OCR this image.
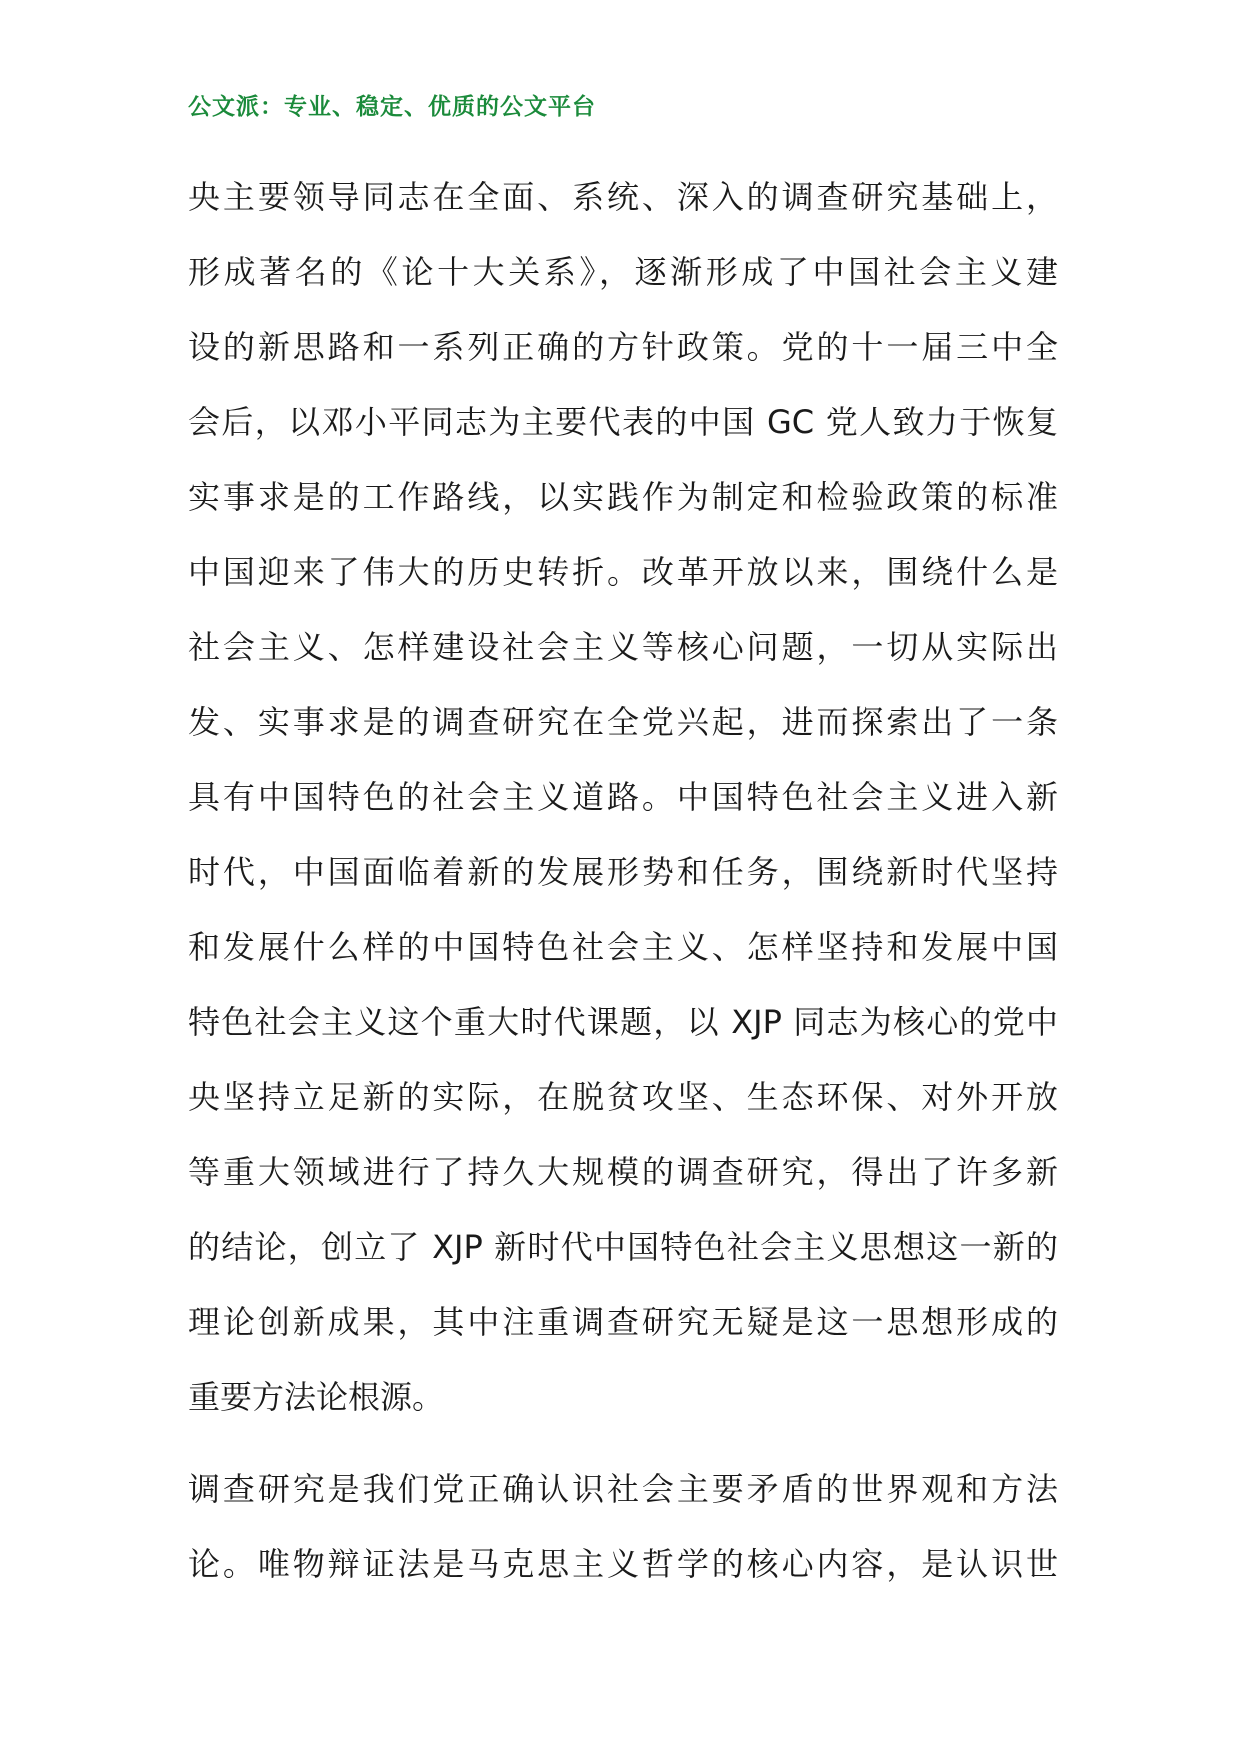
公文派：专业、稳定、优质的公文平台
央主要领导同志在全面、系统、深入的调查研究基础上，
形成著名的《论十大关系》，逐渐形成了中国社会主义建
设的新思路和一系列正确的方针政策。党的十一届三中全
会后，以邓小平同志为主要代表的中国 GC 党人致力于恢复
实事求是的工作路线，以实践作为制定和检验政策的标准
中国迎来了伟大的历史转折。改革开放以来，围绕什么是
社会主义、怎样建设社会主义等核心问题，一切从实际出
发、实事求是的调查研究在全党兴起，进而探索出了一条
具有中国特色的社会主义道路。中国特色社会主义进入新
时代，中国面临着新的发展形势和任务，围绕新时代坚持
和发展什么样的中国特色社会主义、怎样坚持和发展中国
特色社会主义这个重大时代课题，以 XJP 同志为核心的党中
央坚持立足新的实际，在脱贫攻坚、生态环保、对外开放
等重大领域进行了持久大规模的调查研究，得出了许多新
的结论，创立了 XJP 新时代中国特色社会主义思想这一新的
理论创新成果，其中注重调查研究无疑是这一思想形成的
重要方法论根源。
调查研究是我们党正确认识社会主要矛盾的世界观和方法
论。唯物辩证法是马克思主义哲学的核心内容，是认识世
